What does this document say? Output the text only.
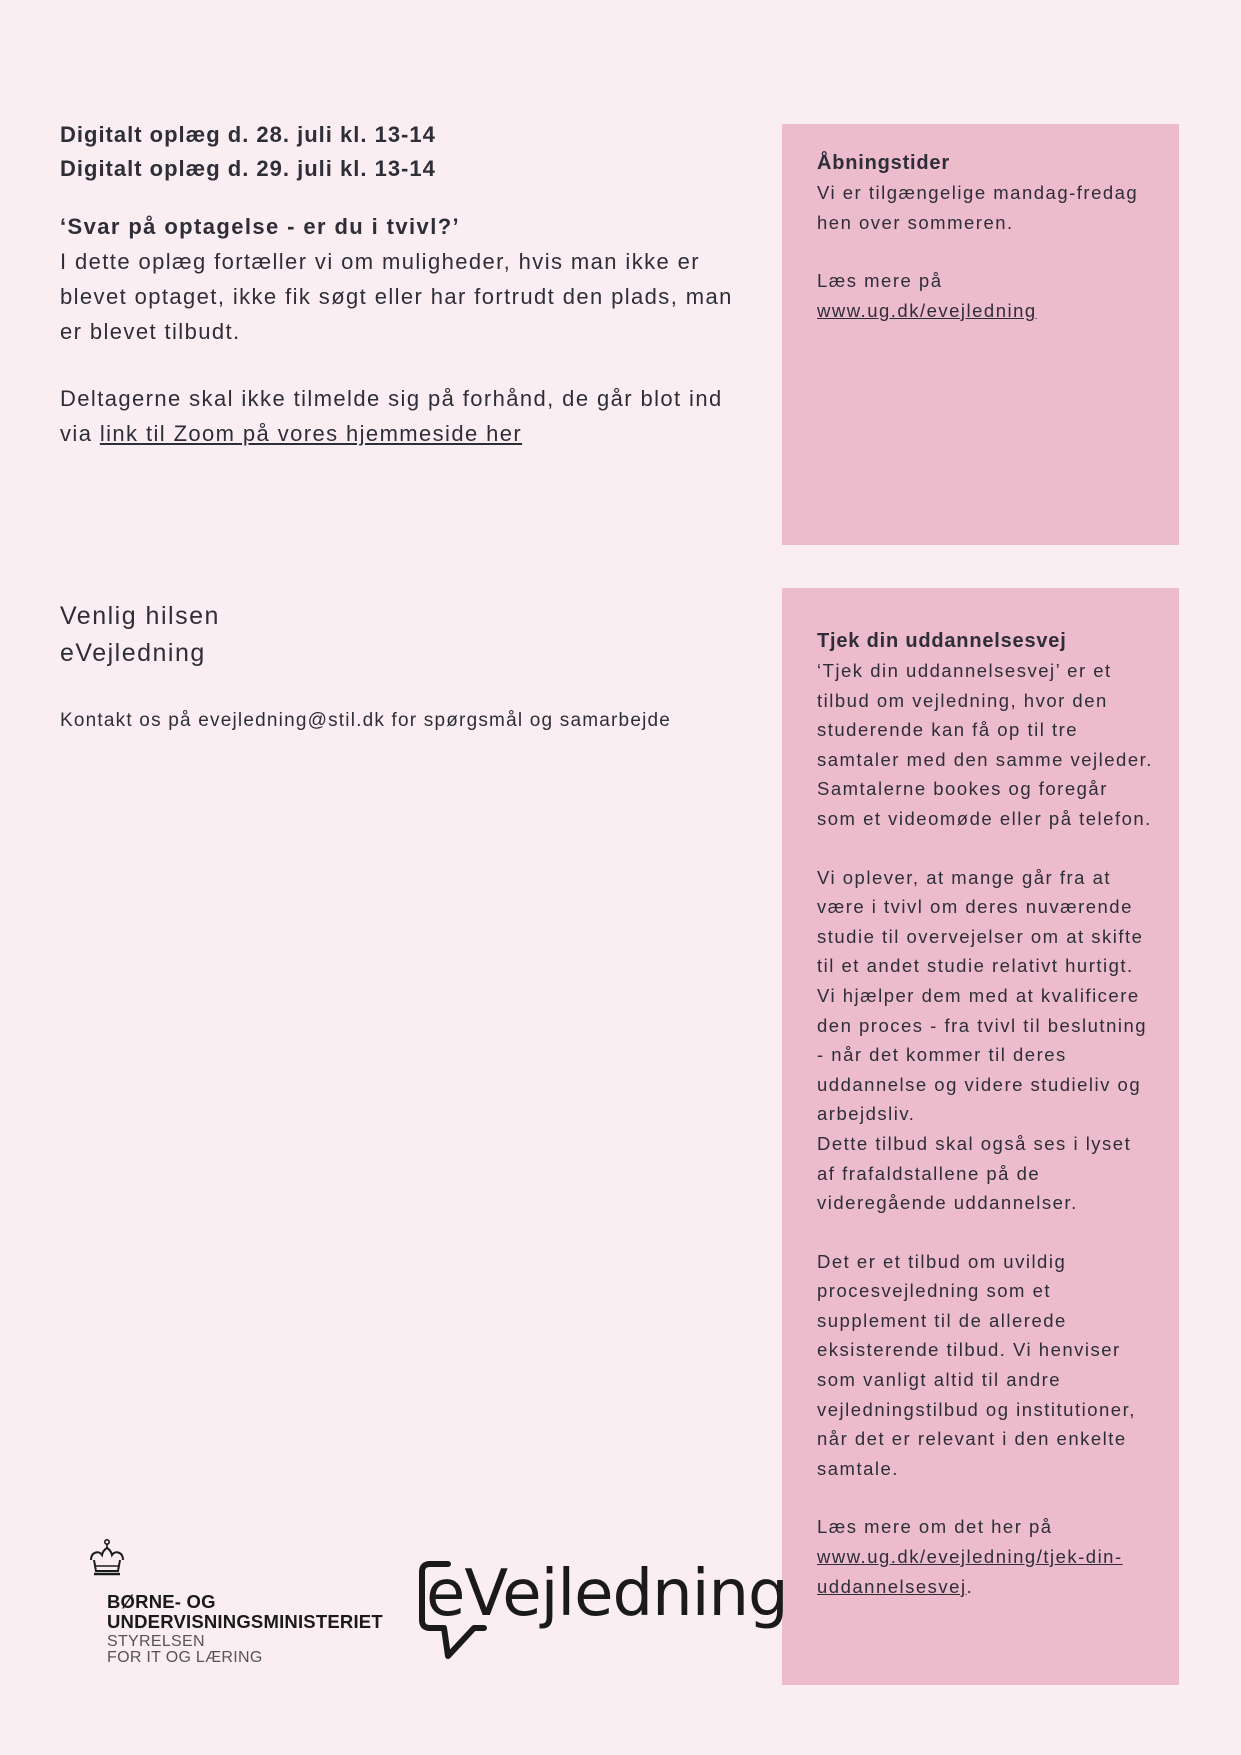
Digitalt oplæg d. 28. juli kl. 13-14

Digitalt oplæg d. 29. juli kl. 13-14

‘Svar på optagelse - er du i tvivl?’

I dette oplæg fortæller vi om muligheder, hvis man ikke er blevet optaget, ikke fik søgt eller har fortrudt den plads, man er blevet tilbudt.

Deltagerne skal ikke tilmelde sig på forhånd, de går blot ind via link til Zoom på vores hjemmeside her

Venlig hilsen
eVejledning

Kontakt os på evejledning@stil.dk for spørgsmål og samarbejde

Åbningstider

Vi er tilgængelige mandag-fredag hen over sommeren.

Læs mere på www.ug.dk/evejledning

Tjek din uddannelsesvej

‘Tjek din uddannelsesvej’ er et tilbud om vejledning, hvor den studerende kan få op til tre samtaler med den samme vejleder. Samtalerne bookes og foregår som et videomøde eller på telefon.

Vi oplever, at mange går fra at være i tvivl om deres nuværende studie til overvejelser om at skifte til et andet studie relativt hurtigt. Vi hjælper dem med at kvalificere den proces - fra tvivl til beslutning - når det kommer til deres uddannelse og videre studieliv og arbejdsliv.

Dette tilbud skal også ses i lyset af frafaldstallene på de videregående uddannelser.

Det er et tilbud om uvildig procesvejledning som et supplement til de allerede eksisterende tilbud. Vi henviser som vanligt altid til andre vejledningstilbud og institutioner, når det er relevant i den enkelte samtale.

Læs mere om det her på www.ug.dk/evejledning/tjek-din-uddannelsesvej.

BØRNE- OG
UNDERVISNINGSMINISTERIET
STYRELSEN
FOR IT OG LÆRING
eVejledning
